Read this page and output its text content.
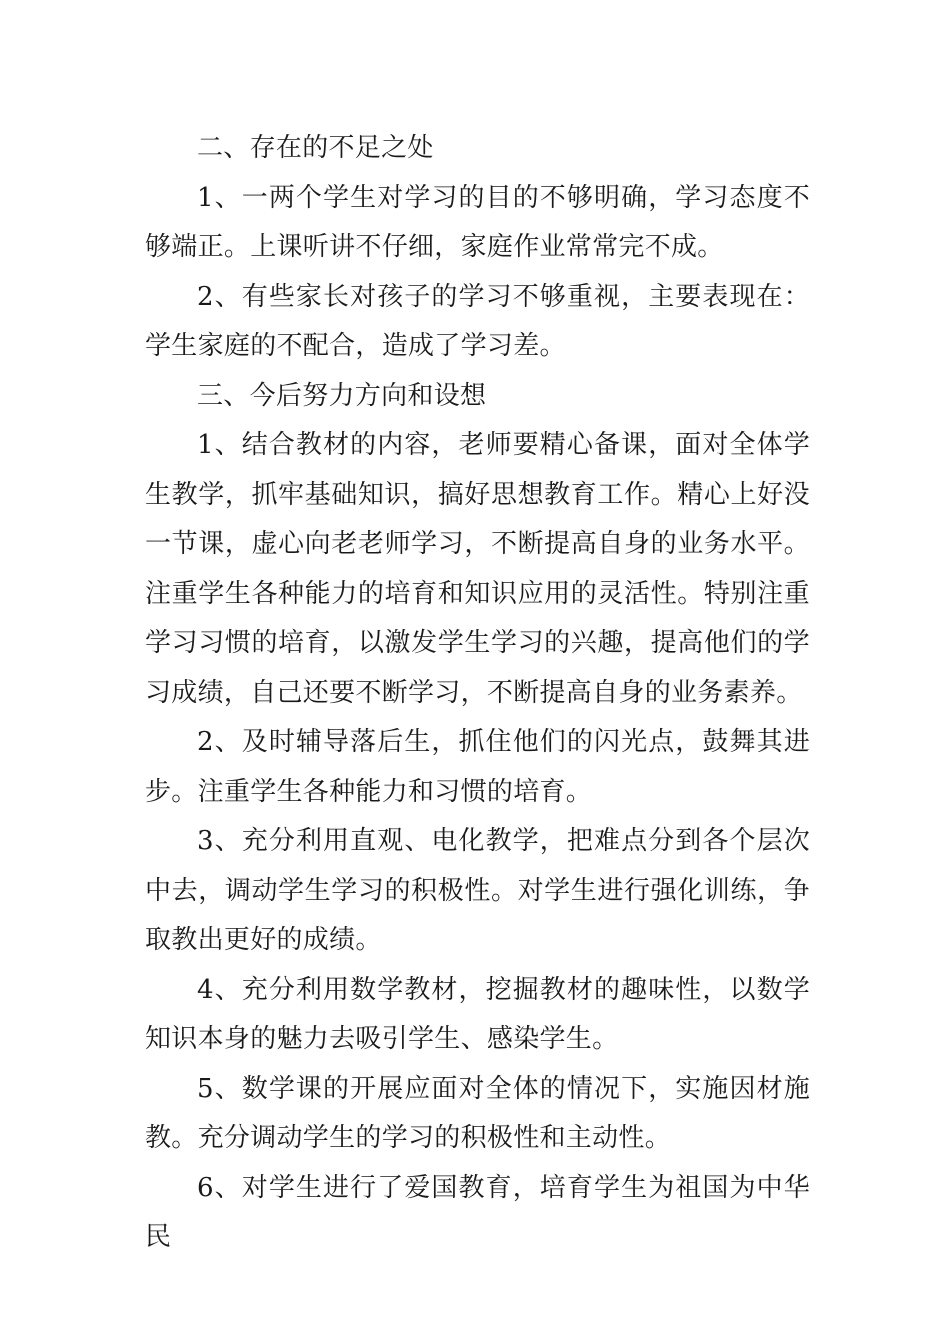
二、存在的不足之处

1、一两个学生对学习的目的不够明确，学习态度不够端正。上课听讲不仔细，家庭作业常常完不成。

2、有些家长对孩子的学习不够重视，主要表现在：学生家庭的不配合，造成了学习差。

三、今后努力方向和设想

1、结合教材的内容，老师要精心备课，面对全体学生教学，抓牢基础知识，搞好思想教育工作。精心上好没一节课，虚心向老老师学习，不断提高自身的业务水平。注重学生各种能力的培育和知识应用的灵活性。特别注重学习习惯的培育，以激发学生学习的兴趣，提高他们的学习成绩，自己还要不断学习，不断提高自身的业务素养。

2、及时辅导落后生，抓住他们的闪光点，鼓舞其进步。注重学生各种能力和习惯的培育。

3、充分利用直观、电化教学，把难点分到各个层次中去，调动学生学习的积极性。对学生进行强化训练，争取教出更好的成绩。

4、充分利用数学教材，挖掘教材的趣味性，以数学知识本身的魅力去吸引学生、感染学生。

5、数学课的开展应面对全体的情况下，实施因材施教。充分调动学生的学习的积极性和主动性。

6、对学生进行了爱国教育，培育学生为祖国为中华民
